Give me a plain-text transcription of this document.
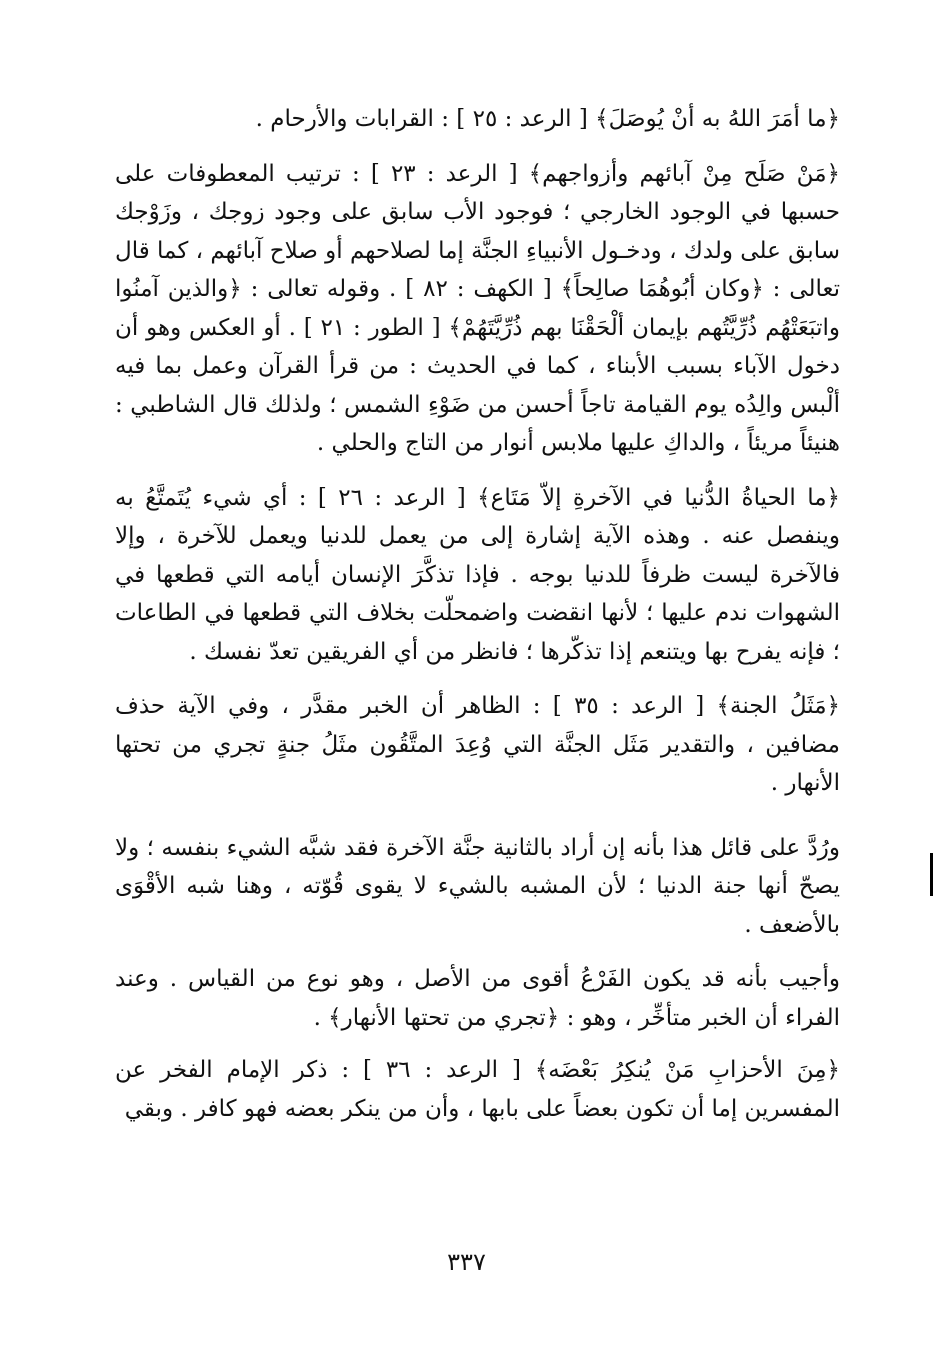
﴿ما أمَرَ اللهُ به أنْ يُوصَلَ﴾ [ الرعد : ٢٥ ] : القرابات والأرحام .

﴿مَنْ صَلَح مِنْ آبائهم وأزواجهم﴾ [ الرعد : ٢٣ ] : ترتيب المعطوفات على حسبها في الوجود الخارجي ؛ فوجود الأب سابق على وجود زوجك ، وزَوْجك سابق على ولدك ، ودخـول الأنبياءِ الجنَّة إما لصلاحهم أو صلاح آبائهم ، كما قال تعالى : ﴿وكان أبُوهُمَا صالِحاً﴾ [ الكهف : ٨٢ ] . وقوله تعالى : ﴿والذين آمنُوا واتبَعَتْهُم ذُرِّيَّتُهم بإيمان ألْحَقْنَا بهم ذُرِّيَّتَهُمْ﴾ [ الطور : ٢١ ] . أو العكس وهو أن دخول الآباء بسبب الأبناء ، كما في الحديث : من قرأ القرآن وعمل بما فيه ألْبس والِدُه يوم القيامة تاجاً أحسن من ضَوْءِ الشمس ؛ ولذلك قال الشاطبي : هنيئاً مريئاً ، والداكِ عليها ملابس أنوار من التاج والحلي .

﴿ما الحياةُ الدُّنيا في الآخرةِ إلاّ مَتَاع﴾ [ الرعد : ٢٦ ] : أي شيء يُتَمتَّعُ به وينفصل عنه . وهذه الآية إشارة إلى من يعمل للدنيا ويعمل للآخرة ، وإلا فالآخرة ليست ظرفاً للدنيا بوجه . فإذا تذكَّرَ الإنسان أيامه التي قطعها في الشهوات ندم عليها ؛ لأنها انقضت واضمحلّت بخلاف التي قطعها في الطاعات ؛ فإنه يفرح بها ويتنعم إذا تذكّرها ؛ فانظر من أي الفريقين تعدّ نفسك .

﴿مَثَلُ الجنة﴾ [ الرعد : ٣٥ ] : الظاهر أن الخبر مقدَّر ، وفي الآية حذف مضافين ، والتقدير مَثَل الجنَّة التي وُعِدَ المتَّقُون مثَلُ جنةٍ تجري من تحتها الأنهار .

ورُدَّ على قائل هذا بأنه إن أراد بالثانية جنَّة الآخرة فقد شبَّه الشيء بنفسه ؛ ولا يصحّ أنها جنة الدنيا ؛ لأن المشبه بالشيء لا يقوى قُوّته ، وهنا شبه الأقْوَى بالأضعف .

وأجيب بأنه قد يكون الفَرْعُ أقوى من الأصل ، وهو نوع من القياس . وعند الفراء أن الخبر متأخِّر ، وهو : ﴿تجري من تحتها الأنهار﴾ .

﴿مِنَ الأحزابِ مَنْ يُنكِرُ بَعْضَه﴾ [ الرعد : ٣٦ ] : ذكر الإمام الفخر عن المفسرين إما أن تكون بعضاً على بابها ، وأن من ينكر بعضه فهو كافر . وبقي

٣٣٧
